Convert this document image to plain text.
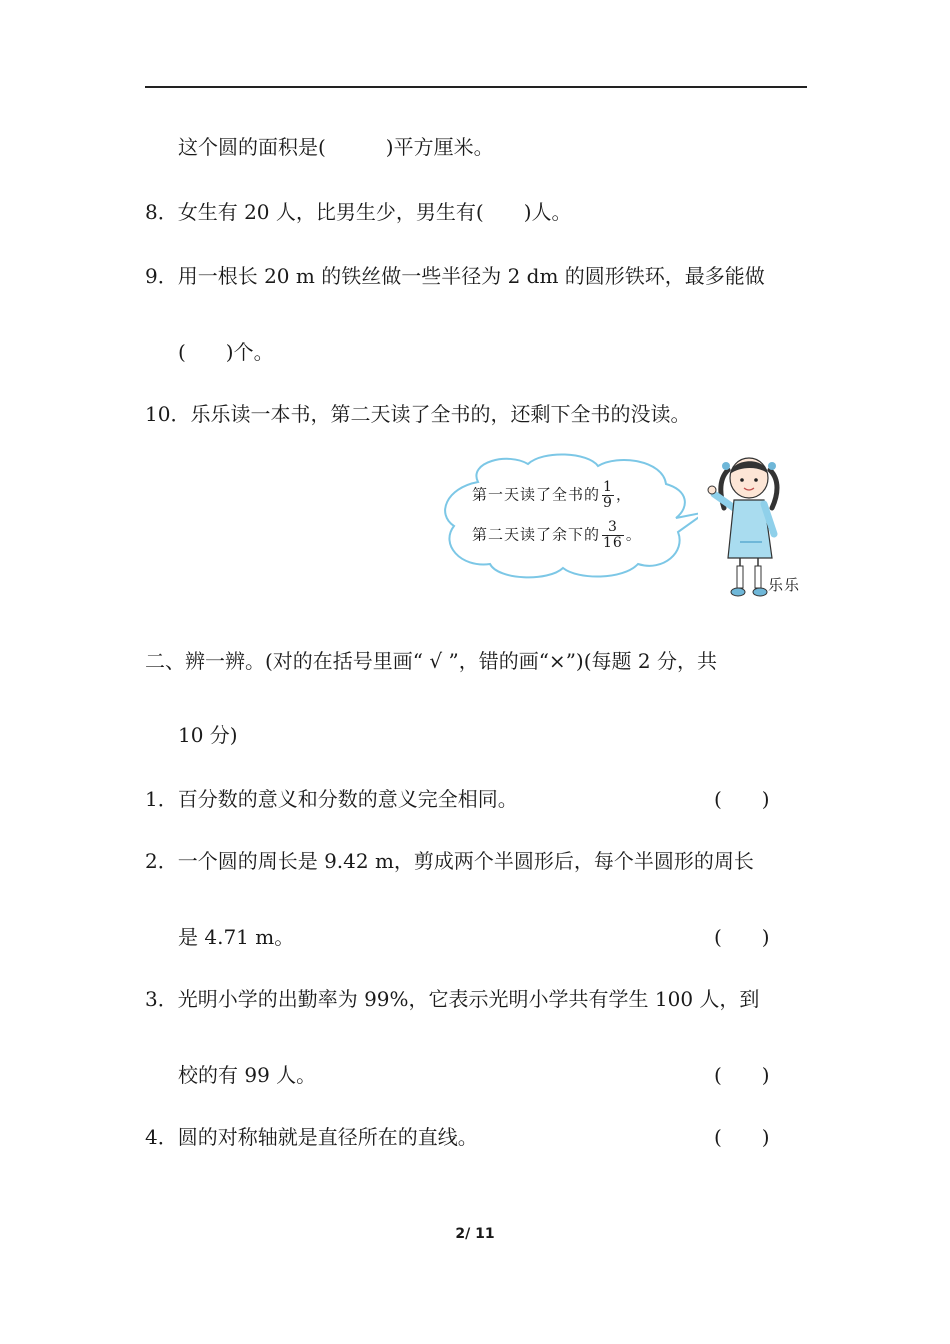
这个圆的面积是(　　　)平方厘米。
8．女生有 20 人，比男生少，男生有(　　)人。
9．用一根长 20 m 的铁丝做一些半径为 2 dm 的圆形铁环，最多能做
(　　)个。
10．乐乐读一本书，第二天读了全书的，还剩下全书的没读。
第一天读了全书的 $\frac{1}{9}$ ，
第二天读了余下的 $\frac{3}{16}$ 。
乐乐
二、辨一辨。(对的在括号里画“ √ ”，错的画“×”)(每题 2 分，共
10 分)
1．百分数的意义和分数的意义完全相同。	(　　)
2．一个圆的周长是 9.42 m，剪成两个半圆形后，每个半圆形的周长
是 4.71 m。	(　　)
3．光明小学的出勤率为 99%，它表示光明小学共有学生 100 人，到
校的有 99 人。	(　　)
4．圆的对称轴就是直径所在的直线。	(　　)
2/ 11
